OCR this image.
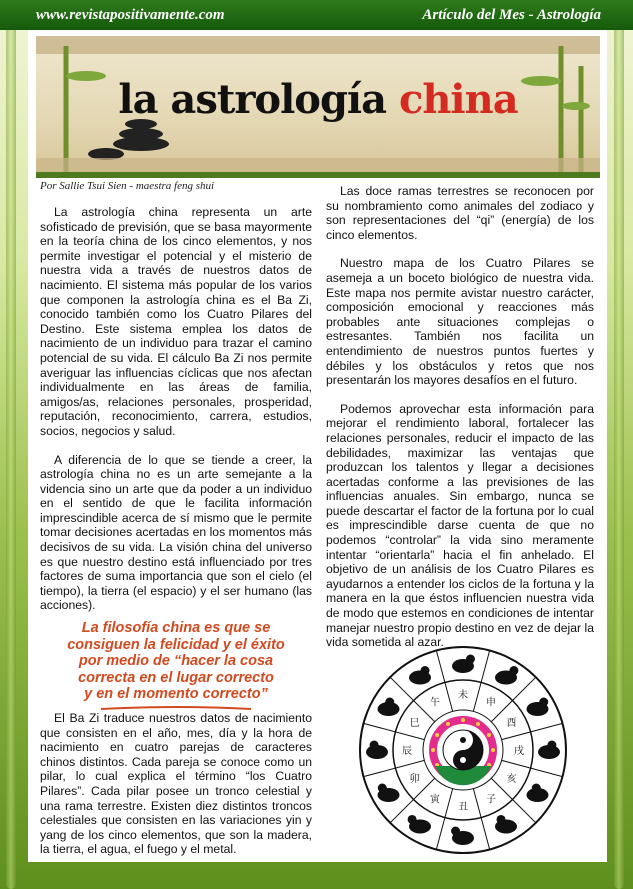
www.revistapositivamente.com	Artículo del Mes - Astrología
la astrología china
Por Sallie Tsui Sien - maestra feng shui

La astrología china representa un arte sofisticado de previsión, que se basa mayormente en la teoría china de los cinco elementos, y nos permite investigar el potencial y el misterio de nuestra vida a través de nuestros datos de nacimiento. El sistema más popular de los varios que componen la astrología china es el Ba Zi, conocido también como los Cuatro Pilares del Destino. Este sistema emplea los datos de nacimiento de un individuo para trazar el camino potencial de su vida. El cálculo Ba Zi nos permite averiguar las influencias cíclicas que nos afectan individualmente en las áreas de familia, amigos/as, relaciones personales, prosperidad, reputación, reconocimiento, carrera, estudios, socios, negocios y salud.

A diferencia de lo que se tiende a creer, la astrología china no es un arte semejante a la videncia sino un arte que da poder a un individuo en el sentido de que le facilita información imprescindible acerca de sí mismo que le permite tomar decisiones acertadas en los momentos más decisivos de su vida. La visión china del universo es que nuestro destino está influenciado por tres factores de suma importancia que son el cielo (el tiempo), la tierra (el espacio) y el ser humano (las acciones).

La filosofía china es que se
consiguen la felicidad y el éxito
por medio de “hacer la cosa
correcta en el lugar correcto
y en el momento correcto”

El Ba Zi traduce nuestros datos de nacimiento que consisten en el año, mes, día y la hora de nacimiento en cuatro parejas de caracteres chinos distintos. Cada pareja se conoce como un pilar, lo cual explica el término “los Cuatro Pilares”. Cada pilar posee un tronco celestial y una rama terrestre. Existen diez distintos troncos celestiales que consisten en las variaciones yin y yang de los cinco elementos, que son la madera, la tierra, el agua, el fuego y el metal.

Las doce ramas terrestres se reconocen por su nombramiento como animales del zodiaco y son representaciones del “qi” (energía) de los cinco elementos.

Nuestro mapa de los Cuatro Pilares se asemeja a un boceto biológico de nuestra vida. Este mapa nos permite avistar nuestro carácter, composición emocional y reacciones más probables ante situaciones complejas o estresantes. También nos facilita un entendimiento de nuestros puntos fuertes y débiles y los obstáculos y retos que nos presentarán los mayores desafíos en el futuro.

Podemos aprovechar esta información para mejorar el rendimiento laboral, fortalecer las relaciones personales, reducir el impacto de las debilidades, maximizar las ventajas que produzcan los talentos y llegar a decisiones acertadas conforme a las previsiones de las influencias anuales. Sin embargo, nunca se puede descartar el factor de la fortuna por lo cual es imprescindible darse cuenta de que no podemos “controlar” la vida sino meramente intentar “orientarla” hacia el fin anhelado. El objetivo de un análisis de los Cuatro Pilares es ayudarnos a entender los ciclos de la fortuna y la manera en la que éstos influencien nuestra vida de modo que estemos en condiciones de intentar manejar nuestro propio destino en vez de dejar la vida sometida al azar.

申
酉
戌
亥
子
丑
寅
卯
辰
巳
午
未
